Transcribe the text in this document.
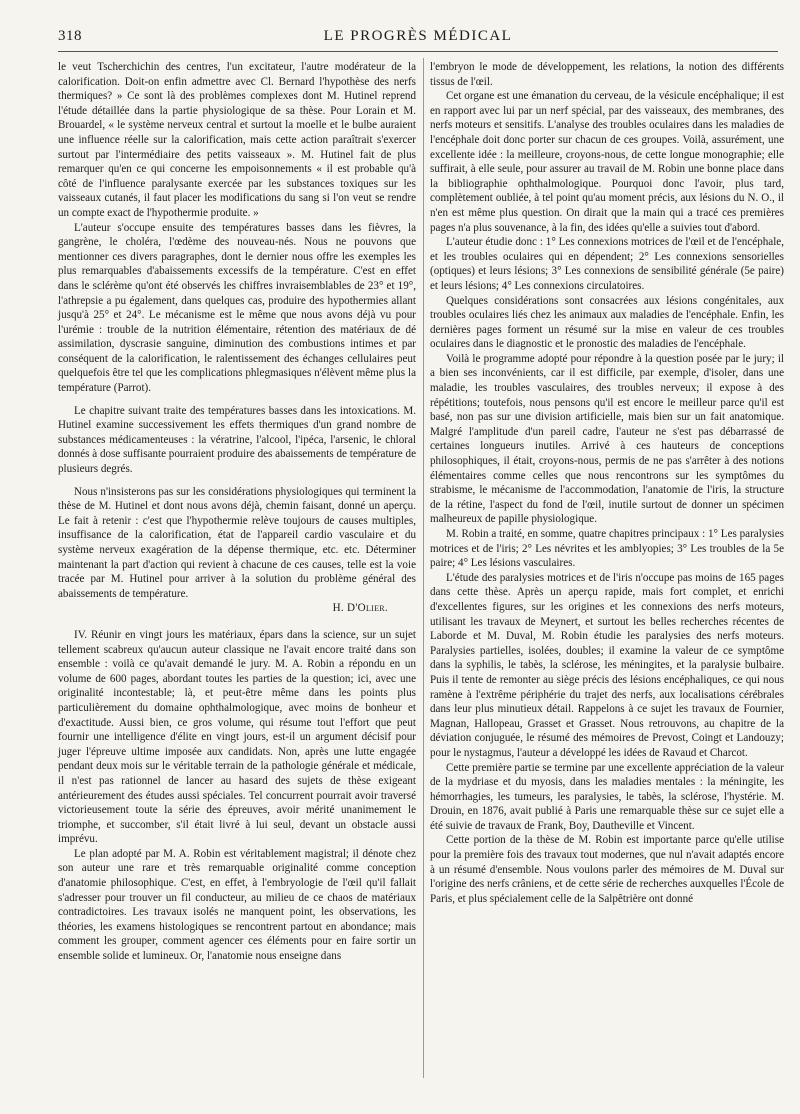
318	LE PROGRÈS MÉDICAL

le veut Tscherchichin des centres, l'un excitateur, l'autre modérateur de la calorification. Doit-on enfin admettre avec Cl. Bernard l'hypothèse des nerfs thermiques? » Ce sont là des problèmes complexes dont M. Hutinel reprend l'étude détaillée dans la partie physiologique de sa thèse. Pour Lorain et M. Brouardel, « le système nerveux central et surtout la moelle et le bulbe auraient une influence réelle sur la calorification, mais cette action paraîtrait s'exercer surtout par l'intermédiaire des petits vaisseaux ». M. Hutinel fait de plus remarquer qu'en ce qui concerne les empoisonnements « il est probable qu'à côté de l'influence paralysante exercée par les substances toxiques sur les vaisseaux cutanés, il faut placer les modifications du sang si l'on veut se rendre un compte exact de l'hypothermie produite. »

L'auteur s'occupe ensuite des températures basses dans les fièvres, la gangrène, le choléra, l'œdème des nouveau-nés. Nous ne pouvons que mentionner ces divers paragraphes, dont le dernier nous offre les exemples les plus remarquables d'abaissements excessifs de la température. C'est en effet dans le sclérème qu'ont été observés les chiffres invraisemblables de 23° et 19°, l'athrepsie a pu également, dans quelques cas, produire des hypothermies allant jusqu'à 25° et 24°. Le mécanisme est le même que nous avons déjà vu pour l'urémie : trouble de la nutrition élémentaire, rétention des matériaux de dé assimilation, dyscrasie sanguine, diminution des combustions intimes et par conséquent de la calorification, le ralentissement des échanges cellulaires peut quelquefois être tel que les complications phlegmasiques n'élèvent même plus la température (Parrot).

Le chapitre suivant traite des températures basses dans les intoxications. M. Hutinel examine successivement les effets thermiques d'un grand nombre de substances médicamenteuses : la vératrine, l'alcool, l'ipéca, l'arsenic, le chloral donnés à dose suffisante pourraient produire des abaissements de température de plusieurs degrés.

Nous n'insisterons pas sur les considérations physiologiques qui terminent la thèse de M. Hutinel et dont nous avons déjà, chemin faisant, donné un aperçu. Le fait à retenir : c'est que l'hypothermie relève toujours de causes multiples, insuffisance de la calorification, état de l'appareil cardio vasculaire et du système nerveux exagération de la dépense thermique, etc. etc. Déterminer maintenant la part d'action qui revient à chacune de ces causes, telle est la voie tracée par M. Hutinel pour arriver à la solution du problème général des abaissements de température.

H. D'Olier.

IV. Réunir en vingt jours les matériaux, épars dans la science, sur un sujet tellement scabreux qu'aucun auteur classique ne l'avait encore traité dans son ensemble : voilà ce qu'avait demandé le jury. M. A. Robin a répondu en un volume de 600 pages, abordant toutes les parties de la question; ici, avec une originalité incontestable; là, et peut-être même dans les points plus particulièrement du domaine ophthalmologique, avec moins de bonheur et d'exactitude. Aussi bien, ce gros volume, qui résume tout l'effort que peut fournir une intelligence d'élite en vingt jours, est-il un argument décisif pour juger l'épreuve ultime imposée aux candidats. Non, après une lutte engagée pendant deux mois sur le véritable terrain de la pathologie générale et médicale, il n'est pas rationnel de lancer au hasard des sujets de thèse exigeant antérieurement des études aussi spéciales. Tel concurrent pourrait avoir traversé victorieusement toute la série des épreuves, avoir mérité unanimement le triomphe, et succomber, s'il était livré à lui seul, devant un obstacle aussi imprévu.

Le plan adopté par M. A. Robin est véritablement magistral; il dénote chez son auteur une rare et très remarquable originalité comme conception d'anatomie philosophique. C'est, en effet, à l'embryologie de l'œil qu'il fallait s'adresser pour trouver un fil conducteur, au milieu de ce chaos de matériaux contradictoires. Les travaux isolés ne manquent point, les observations, les théories, les examens histologiques se rencontrent partout en abondance; mais comment les grouper, comment agencer ces éléments pour en faire sortir un ensemble solide et lumineux. Or, l'anatomie nous enseigne dans

l'embryon le mode de développement, les relations, la notion des différents tissus de l'œil.

Cet organe est une émanation du cerveau, de la vésicule encéphalique; il est en rapport avec lui par un nerf spécial, par des vaisseaux, des membranes, des nerfs moteurs et sensitifs. L'analyse des troubles oculaires dans les maladies de l'encéphale doit donc porter sur chacun de ces groupes. Voilà, assurément, une excellente idée : la meilleure, croyons-nous, de cette longue monographie; elle suffirait, à elle seule, pour assurer au travail de M. Robin une bonne place dans la bibliographie ophthalmologique. Pourquoi donc l'avoir, plus tard, complètement oubliée, à tel point qu'au moment précis, aux lésions du N. O., il n'en est même plus question. On dirait que la main qui a tracé ces premières pages n'a plus souvenance, à la fin, des idées qu'elle a suivies tout d'abord.

L'auteur étudie donc : 1° Les connexions motrices de l'œil et de l'encéphale, et les troubles oculaires qui en dépendent; 2° Les connexions sensorielles (optiques) et leurs lésions; 3° Les connexions de sensibilité générale (5e paire) et leurs lésions; 4° Les connexions circulatoires.

Quelques considérations sont consacrées aux lésions congénitales, aux troubles oculaires liés chez les animaux aux maladies de l'encéphale. Enfin, les dernières pages forment un résumé sur la mise en valeur de ces troubles oculaires dans le diagnostic et le pronostic des maladies de l'encéphale.

Voilà le programme adopté pour répondre à la question posée par le jury; il a bien ses inconvénients, car il est difficile, par exemple, d'isoler, dans une maladie, les troubles vasculaires, des troubles nerveux; il expose à des répétitions; toutefois, nous pensons qu'il est encore le meilleur parce qu'il est basé, non pas sur une division artificielle, mais bien sur un fait anatomique. Malgré l'amplitude d'un pareil cadre, l'auteur ne s'est pas débarrassé de certaines longueurs inutiles. Arrivé à ces hauteurs de conceptions philosophiques, il était, croyons-nous, permis de ne pas s'arrêter à des notions élémentaires comme celles que nous rencontrons sur les symptômes du strabisme, le mécanisme de l'accommodation, l'anatomie de l'iris, la structure de la rétine, l'aspect du fond de l'œil, inutile surtout de donner un spécimen malheureux de papille physiologique.

M. Robin a traité, en somme, quatre chapitres principaux : 1° Les paralysies motrices et de l'iris; 2° Les névrites et les amblyopies; 3° Les troubles de la 5e paire; 4° Les lésions vasculaires.

L'étude des paralysies motrices et de l'iris n'occupe pas moins de 165 pages dans cette thèse. Après un aperçu rapide, mais fort complet, et enrichi d'excellentes figures, sur les origines et les connexions des nerfs moteurs, utilisant les travaux de Meynert, et surtout les belles recherches récentes de Laborde et M. Duval, M. Robin étudie les paralysies des nerfs moteurs. Paralysies partielles, isolées, doubles; il examine la valeur de ce symptôme dans la syphilis, le tabès, la sclérose, les méningites, et la paralysie bulbaire. Puis il tente de remonter au siège précis des lésions encéphaliques, ce qui nous ramène à l'extrême périphérie du trajet des nerfs, aux localisations cérébrales dans leur plus minutieux détail. Rappelons à ce sujet les travaux de Fournier, Magnan, Hallopeau, Grasset et Grasset. Nous retrouvons, au chapitre de la déviation conjuguée, le résumé des mémoires de Prevost, Coingt et Landouzy; pour le nystagmus, l'auteur a développé les idées de Ravaud et Charcot.

Cette première partie se termine par une excellente appréciation de la valeur de la mydriase et du myosis, dans les maladies mentales : la méningite, les hémorrhagies, les tumeurs, les paralysies, le tabès, la sclérose, l'hystérie. M. Drouin, en 1876, avait publié à Paris une remarquable thèse sur ce sujet elle a été suivie de travaux de Frank, Boy, Dautheville et Vincent.

Cette portion de la thèse de M. Robin est importante parce qu'elle utilise pour la première fois des travaux tout modernes, que nul n'avait adaptés encore à un résumé d'ensemble. Nous voulons parler des mémoires de M. Duval sur l'origine des nerfs crâniens, et de cette série de recherches auxquelles l'École de Paris, et plus spécialement celle de la Salpêtrière ont donné
